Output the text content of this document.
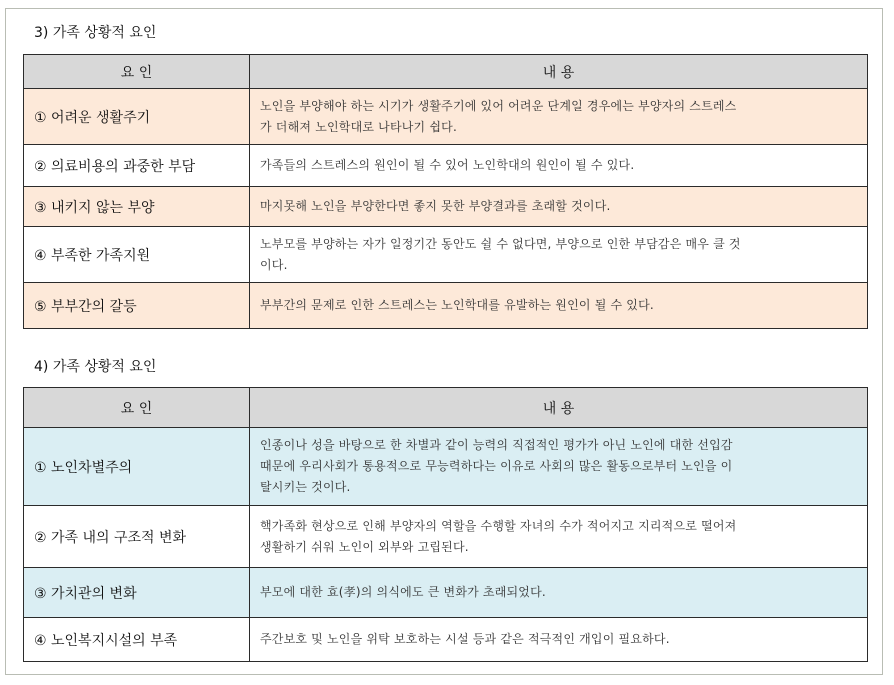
3) 가족 상황적 요인
요 인	내 용
① 어려운 생활주기	노인을 부양해야 하는 시기가 생활주기에 있어 어려운 단계일 경우에는 부양자의 스트레스
가 더해져 노인학대로 나타나기 쉽다.

② 의료비용의 과중한 부담	가족들의 스트레스의 원인이 될 수 있어 노인학대의 원인이 될 수 있다.

③ 내키지 않는 부양	마지못해 노인을 부양한다면 좋지 못한 부양결과를 초래할 것이다.

④ 부족한 가족지원	노부모를 부양하는 자가 일정기간 동안도 쉴 수 없다면, 부양으로 인한 부담감은 매우 클 것
이다.

⑤ 부부간의 갈등	부부간의 문제로 인한 스트레스는 노인학대를 유발하는 원인이 될 수 있다.
4) 가족 상황적 요인
요 인	내 용
① 노인차별주의	인종이나 성을 바탕으로 한 차별과 같이 능력의 직접적인 평가가 아닌 노인에 대한 선입감
때문에 우리사회가 통용적으로 무능력하다는 이유로 사회의 많은 활동으로부터 노인을 이
탈시키는 것이다.

② 가족 내의 구조적 변화	핵가족화 현상으로 인해 부양자의 역할을 수행할 자녀의 수가 적어지고 지리적으로 떨어져
생활하기 쉬워 노인이 외부와 고립된다.

③ 가치관의 변화	부모에 대한 효(孝)의 의식에도 큰 변화가 초래되었다.

④ 노인복지시설의 부족	주간보호 및 노인을 위탁 보호하는 시설 등과 같은 적극적인 개입이 필요하다.
